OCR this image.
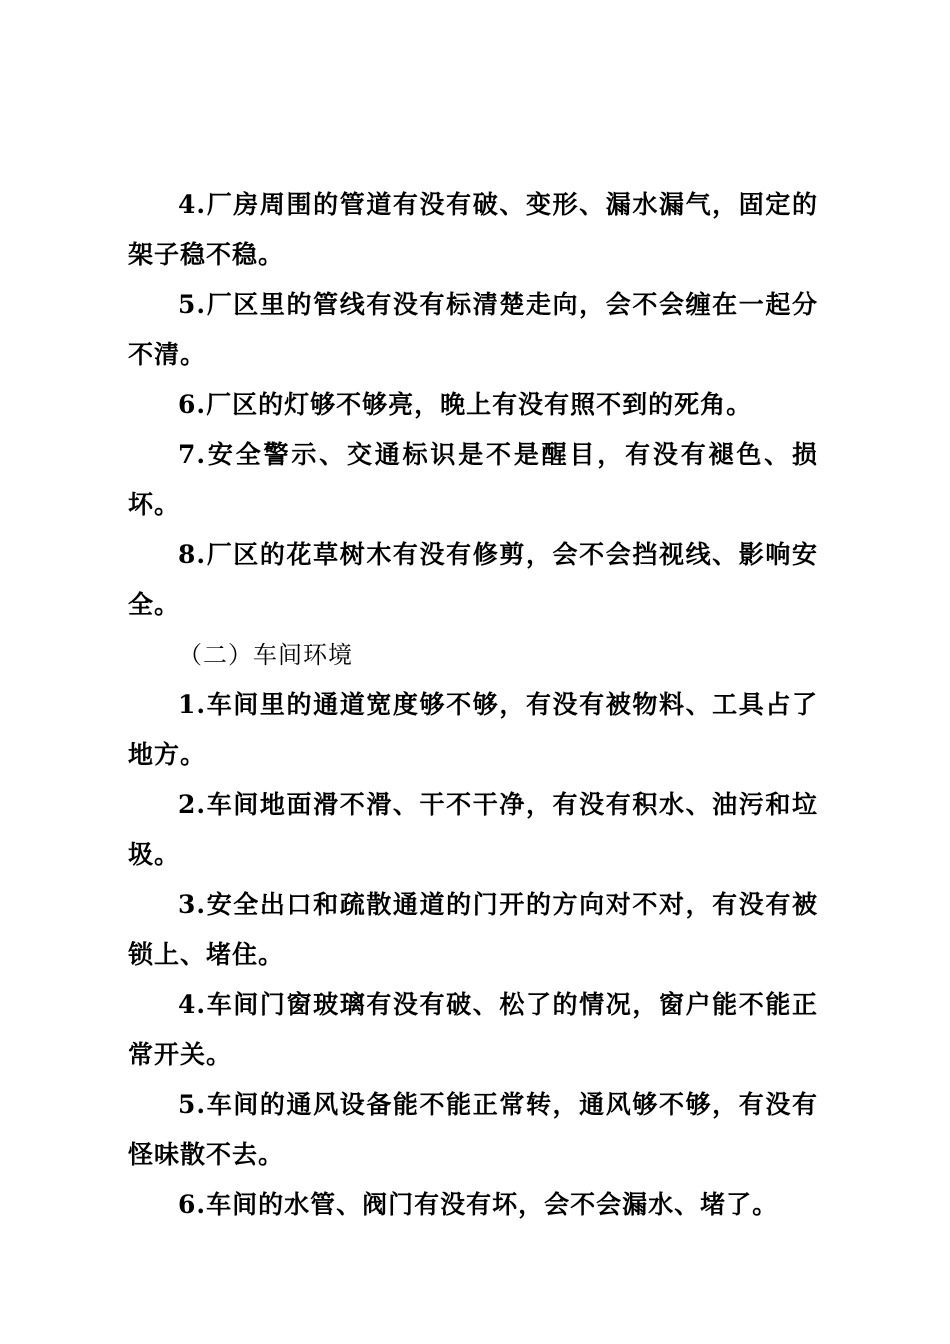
4.厂房周围的管道有没有破、变形、漏水漏气，固定的架子稳不稳。

5.厂区里的管线有没有标清楚走向，会不会缠在一起分不清。

6.厂区的灯够不够亮，晚上有没有照不到的死角。

7.安全警示、交通标识是不是醒目，有没有褪色、损坏。

8.厂区的花草树木有没有修剪，会不会挡视线、影响安全。

（二）车间环境

1.车间里的通道宽度够不够，有没有被物料、工具占了地方。

2.车间地面滑不滑、干不干净，有没有积水、油污和垃圾。

3.安全出口和疏散通道的门开的方向对不对，有没有被锁上、堵住。

4.车间门窗玻璃有没有破、松了的情况，窗户能不能正常开关。

5.车间的通风设备能不能正常转，通风够不够，有没有怪味散不去。

6.车间的水管、阀门有没有坏，会不会漏水、堵了。
